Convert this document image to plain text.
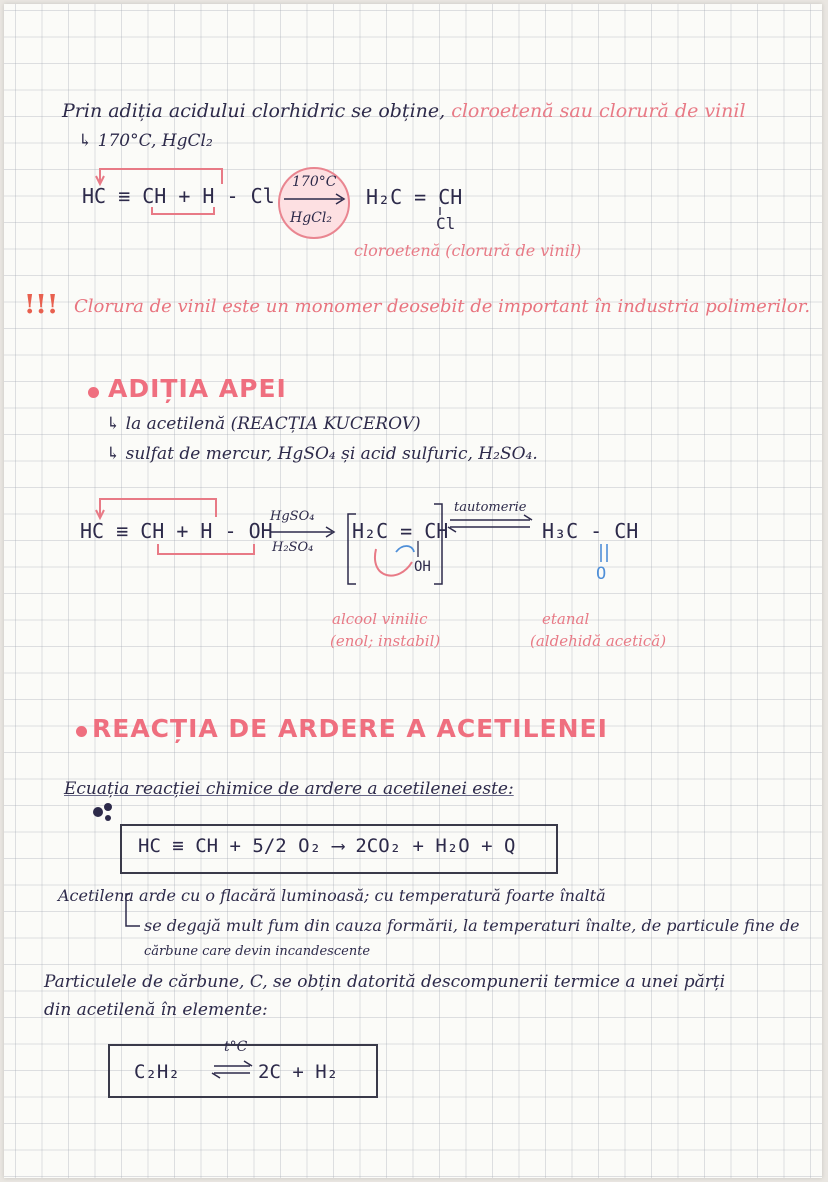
Prin adiția acidului clorhidric se obține, cloroetenă sau clorură de vinil
↳ 170°C, HgCl₂
HC ≡ CH + H - Cl
170°C
HgCl₂
H₂C = CH
Cl
cloroetenă (clorură de vinil)
!!! Clorura de vinil este un monomer deosebit de important în industria polimerilor.
ADIȚIA APEI
↳ la acetilenă (REACȚIA KUCEROV)
↳ sulfat de mercur, HgSO₄ și acid sulfuric, H₂SO₄.
HC ≡ CH + H - OH
HgSO₄
H₂SO₄
H₂C = CH
OH
tautomerie
H₃C - CH
O
alcool vinilic
(enol; instabil)
etanal
(aldehidă acetică)
REACȚIA DE ARDERE A ACETILENEI
Ecuația reacției chimice de ardere a acetilenei este:
HC ≡ CH + 5/2 O₂ ⟶ 2CO₂ + H₂O + Q
Acetilena arde cu o flacără luminoasă; cu temperatură foarte înaltă
se degajă mult fum din cauza formării, la temperaturi înalte, de particule fine de
cărbune care devin incandescente
Particulele de cărbune, C, se obțin datorită descompunerii termice a unei părți
din acetilenă în elemente:
C₂H₂
t°C
2C + H₂
